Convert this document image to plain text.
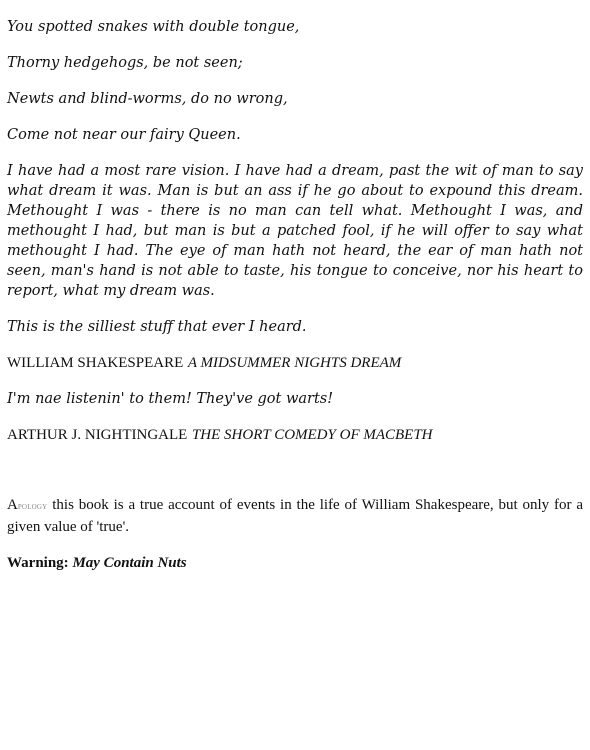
You spotted snakes with double tongue,

Thorny hedgehogs, be not seen;

Newts and blind-worms, do no wrong,

Come not near our fairy Queen.

I have had a most rare vision. I have had a dream, past the wit of man to say what dream it was. Man is but an ass if he go about to expound this dream. Methought I was - there is no man can tell what. Methought I was, and methought I had, but man is but a patched fool, if he will offer to say what methought I had. The eye of man hath not heard, the ear of man hath not seen, man's hand is not able to taste, his tongue to conceive, nor his heart to report, what my dream was.

This is the silliest stuff that ever I heard.

WILLIAM SHAKESPEARE A MIDSUMMER NIGHTS DREAM

I'm nae listenin' to them! They've got warts!

ARTHUR J. NIGHTINGALE THE SHORT COMEDY OF MACBETH

APOLOGY this book is a true account of events in the life of William Shakespeare, but only for a given value of 'true'.

Warning: May Contain Nuts
